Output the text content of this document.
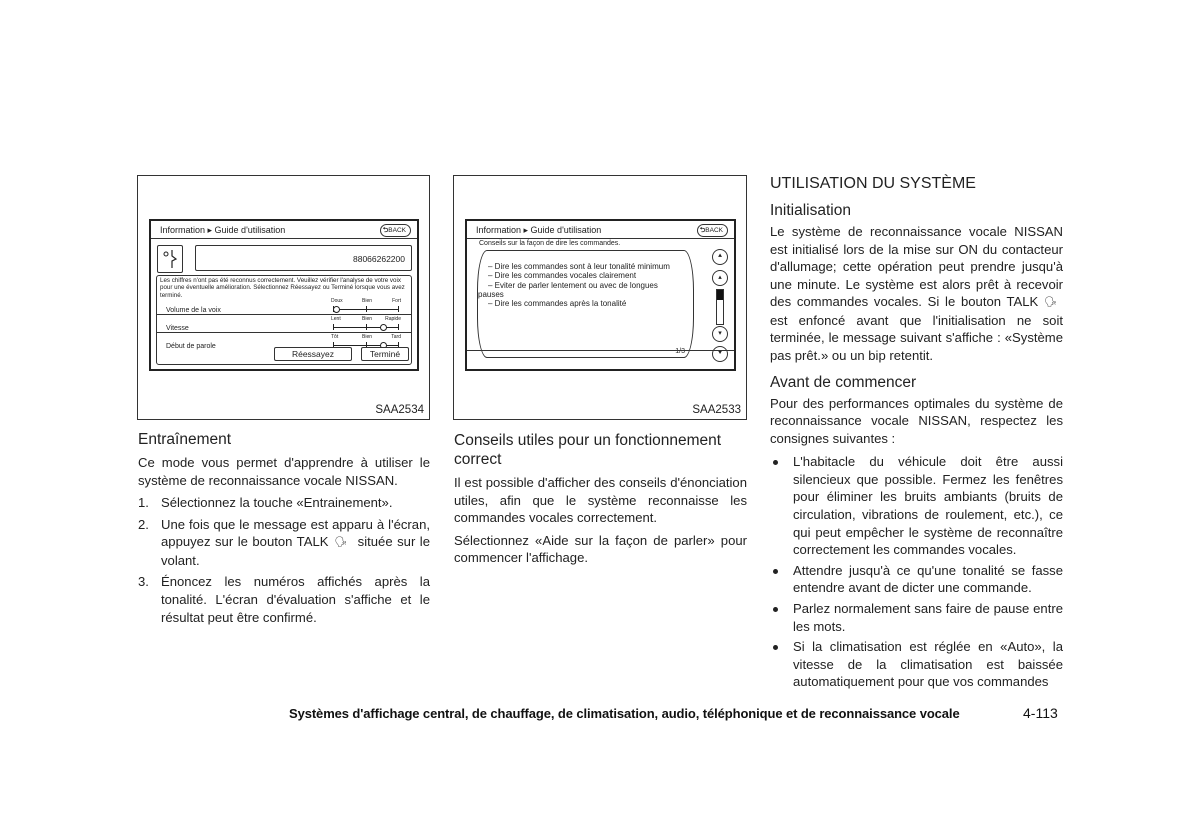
Information ▸ Guide d'utilisation	⮌BACK
88066262200
Les chiffres n'ont pas été reconnus correctement. Veuillez vérifier l'analyse de votre voix pour une éventuelle amélioration. Sélectionnez Réessayez ou Terminé lorsque vous avez terminé.
Volume de la voix
Doux	Bien	Fort
Vitesse
Lent	Bien	Rapide
Début de parole
Tôt	Bien	Tard
Réessayez	Terminé
SAA2534
Information ▸ Guide d'utilisation	⮌BACK
Conseils sur la façon de dire les commandes.
– Dire les commandes sont à leur tonalité minimum
– Dire les commandes vocales clairement
– Eviter de parler lentement ou avec de longues
pauses
– Dire les commandes après la tonalité
1/3
⯅
▴
▾
⯆
SAA2533
Entraînement
Ce mode vous permet d'apprendre à utiliser le système de reconnaissance vocale NISSAN.
1. Sélectionnez la touche «Entrainement».
2. Une fois que le message est apparu à l'écran, appuyez sur le bouton TALK 🗣 située sur le volant.
3. Énoncez les numéros affichés après la tonalité. L'écran d'évaluation s'affiche et le résultat peut être confirmé.
Conseils utiles pour un fonctionnement correct
Il est possible d'afficher des conseils d'énonciation utiles, afin que le système reconnaisse les commandes vocales correctement.
Sélectionnez «Aide sur la façon de parler» pour commencer l'affichage.
UTILISATION DU SYSTÈME
Initialisation
Le système de reconnaissance vocale NISSAN est initialisé lors de la mise sur ON du contacteur d'allumage; cette opération peut prendre jusqu'à une minute. Le système est alors prêt à recevoir des commandes vocales. Si le bouton TALK 🗣est enfoncé avant que l'initialisation ne soit terminée, le message suivant s'affiche : «Système pas prêt.» ou un bip retentit.
Avant de commencer
Pour des performances optimales du système de reconnaissance vocale NISSAN, respectez les consignes suivantes :
L'habitacle du véhicule doit être aussi silencieux que possible. Fermez les fenêtres pour éliminer les bruits ambiants (bruits de circulation, vibrations de roulement, etc.), ce qui peut empêcher le système de reconnaître correctement les commandes vocales.
Attendre jusqu'à ce qu'une tonalité se fasse entendre avant de dicter une commande.
Parlez normalement sans faire de pause entre les mots.
Si la climatisation est réglée en «Auto», la vitesse de la climatisation est baissée automatiquement pour que vos commandes
Systèmes d'affichage central, de chauffage, de climatisation, audio, téléphonique et de reconnaissance vocale	4-113
